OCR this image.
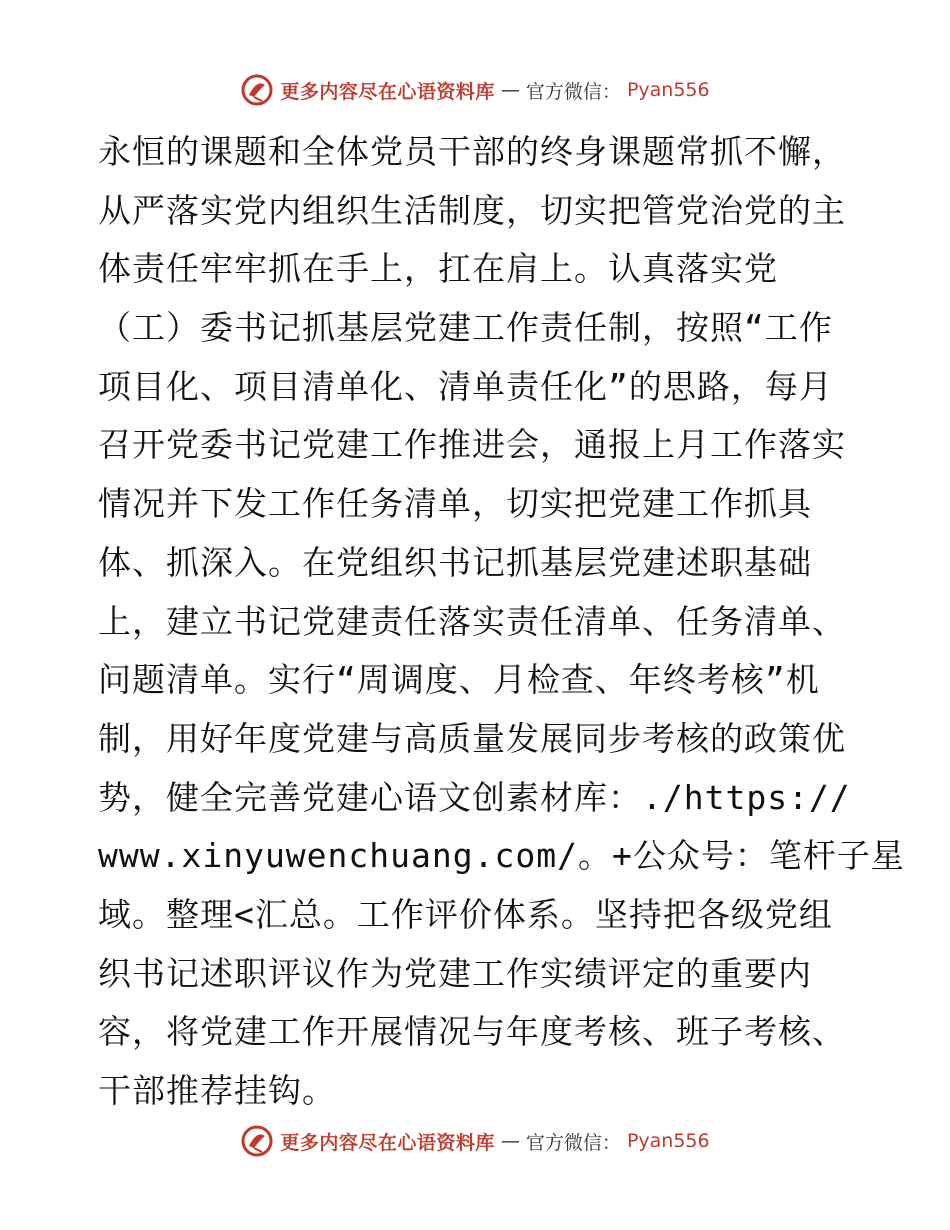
更多内容尽在心语资料库 — 官方微信： Pyan556
永恒的课题和全体党员干部的终身课题常抓不懈，
从严落实党内组织生活制度，切实把管党治党的主
体责任牢牢抓在手上，扛在肩上。认真落实党
（工）委书记抓基层党建工作责任制，按照“工作
项目化、项目清单化、清单责任化”的思路，每月
召开党委书记党建工作推进会，通报上月工作落实
情况并下发工作任务清单，切实把党建工作抓具
体、抓深入。在党组织书记抓基层党建述职基础
上，建立书记党建责任落实责任清单、任务清单、
问题清单。实行“周调度、月检查、年终考核”机
制，用好年度党建与高质量发展同步考核的政策优
势，健全完善党建心语文创素材库：./https://
www.xinyuwenchuang.com/。+公众号：笔杆子星
域。整理<汇总。工作评价体系。坚持把各级党组
织书记述职评议作为党建工作实绩评定的重要内
容，将党建工作开展情况与年度考核、班子考核、
干部推荐挂钩。
更多内容尽在心语资料库 — 官方微信： Pyan556
